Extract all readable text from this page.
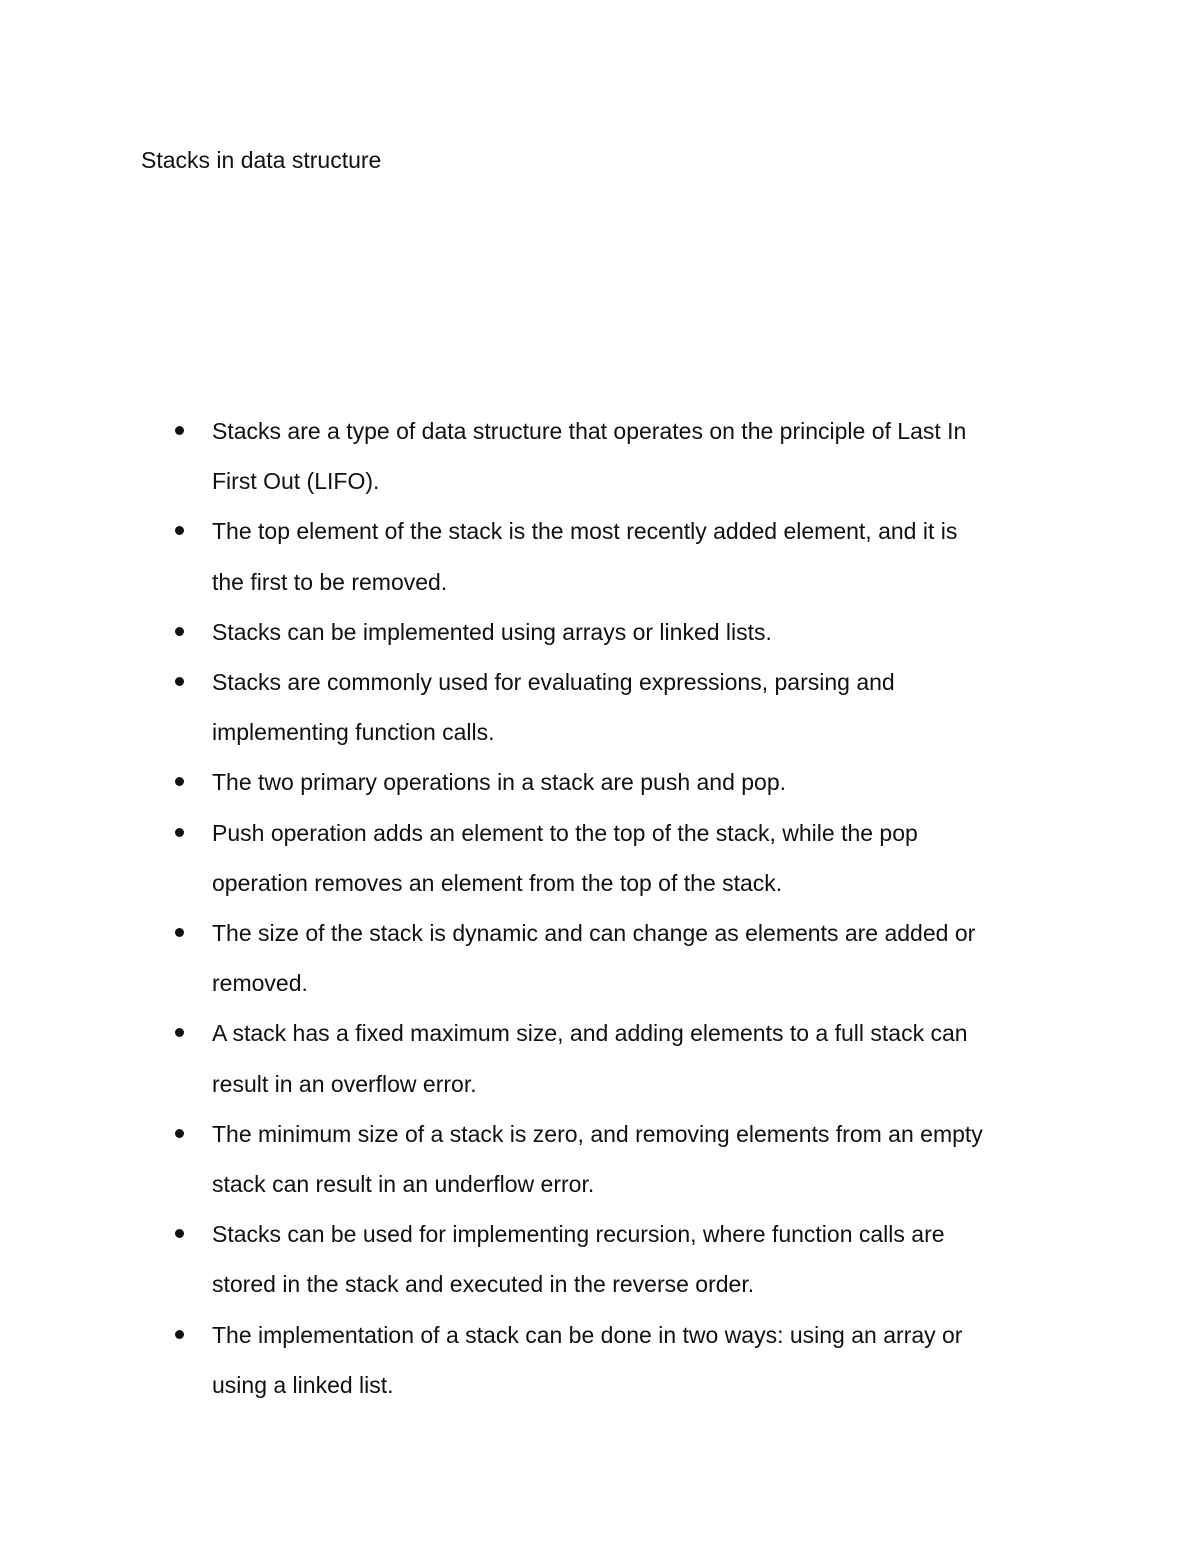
Stacks in data structure
Stacks are a type of data structure that operates on the principle of Last In
First Out (LIFO).
The top element of the stack is the most recently added element, and it is
the first to be removed.
Stacks can be implemented using arrays or linked lists.
Stacks are commonly used for evaluating expressions, parsing and
implementing function calls.
The two primary operations in a stack are push and pop.
Push operation adds an element to the top of the stack, while the pop
operation removes an element from the top of the stack.
The size of the stack is dynamic and can change as elements are added or
removed.
A stack has a fixed maximum size, and adding elements to a full stack can
result in an overflow error.
The minimum size of a stack is zero, and removing elements from an empty
stack can result in an underflow error.
Stacks can be used for implementing recursion, where function calls are
stored in the stack and executed in the reverse order.
The implementation of a stack can be done in two ways: using an array or
using a linked list.
